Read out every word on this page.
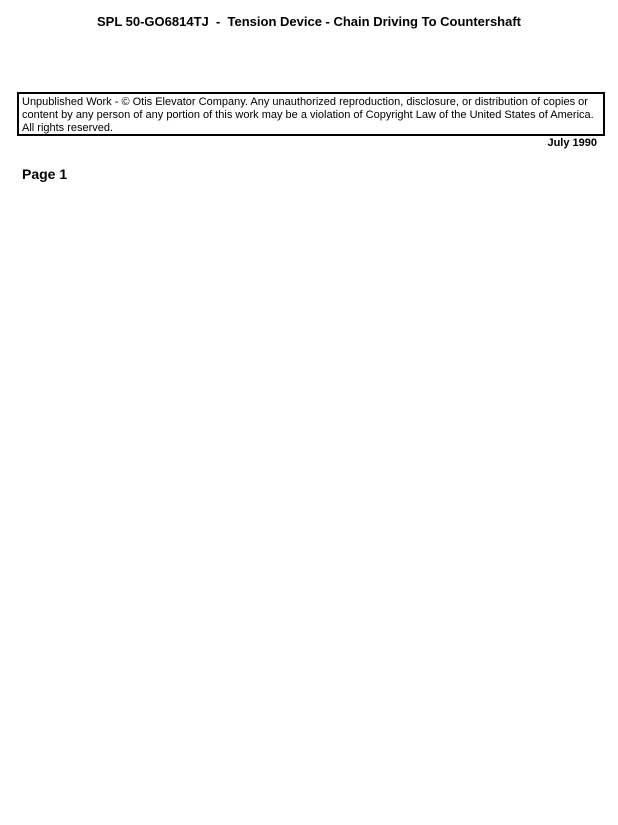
SPL 50-GO6814TJ  -  Tension Device - Chain Driving To Countershaft
Unpublished Work - © Otis Elevator Company. Any unauthorized reproduction, disclosure, or distribution of copies or content by any person of any portion of this work may be a violation of Copyright Law of the United States of America. All rights reserved.
July 1990
Page 1
